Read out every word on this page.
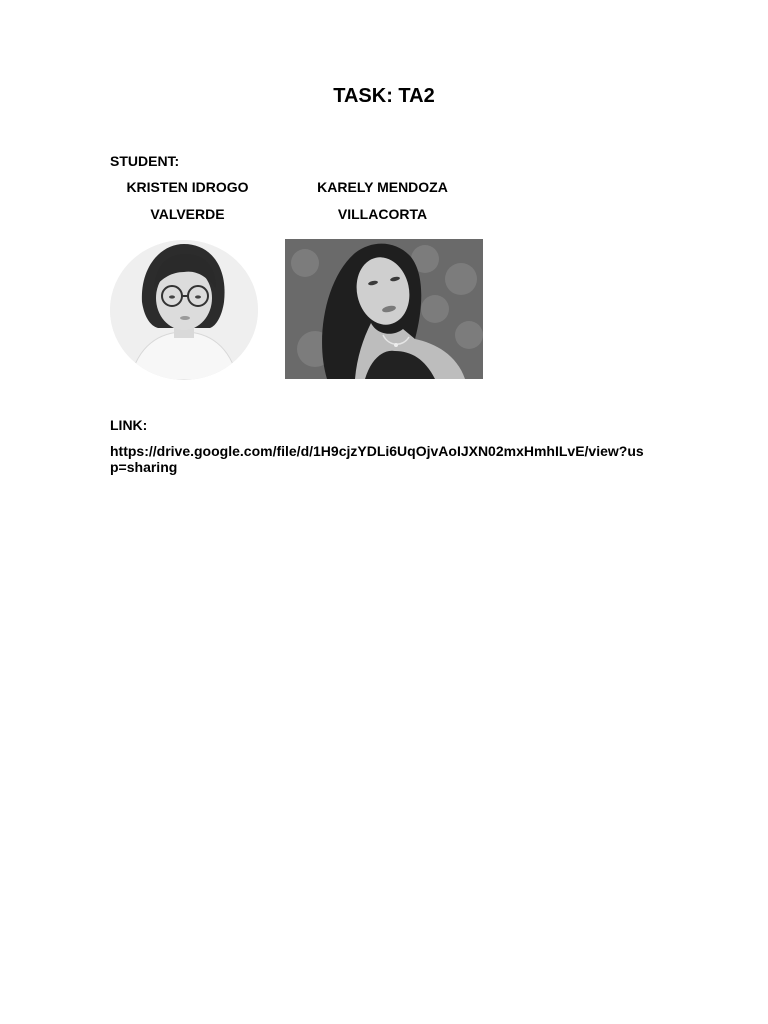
TASK: TA2

STUDENT:

KRISTEN IDROGO
VALVERDE
KARELY MENDOZA
VILLACORTA

LINK:

https://drive.google.com/file/d/1H9cjzYDLi6UqOjvAoIJXN02mxHmhILvE/view?usp=sharing
